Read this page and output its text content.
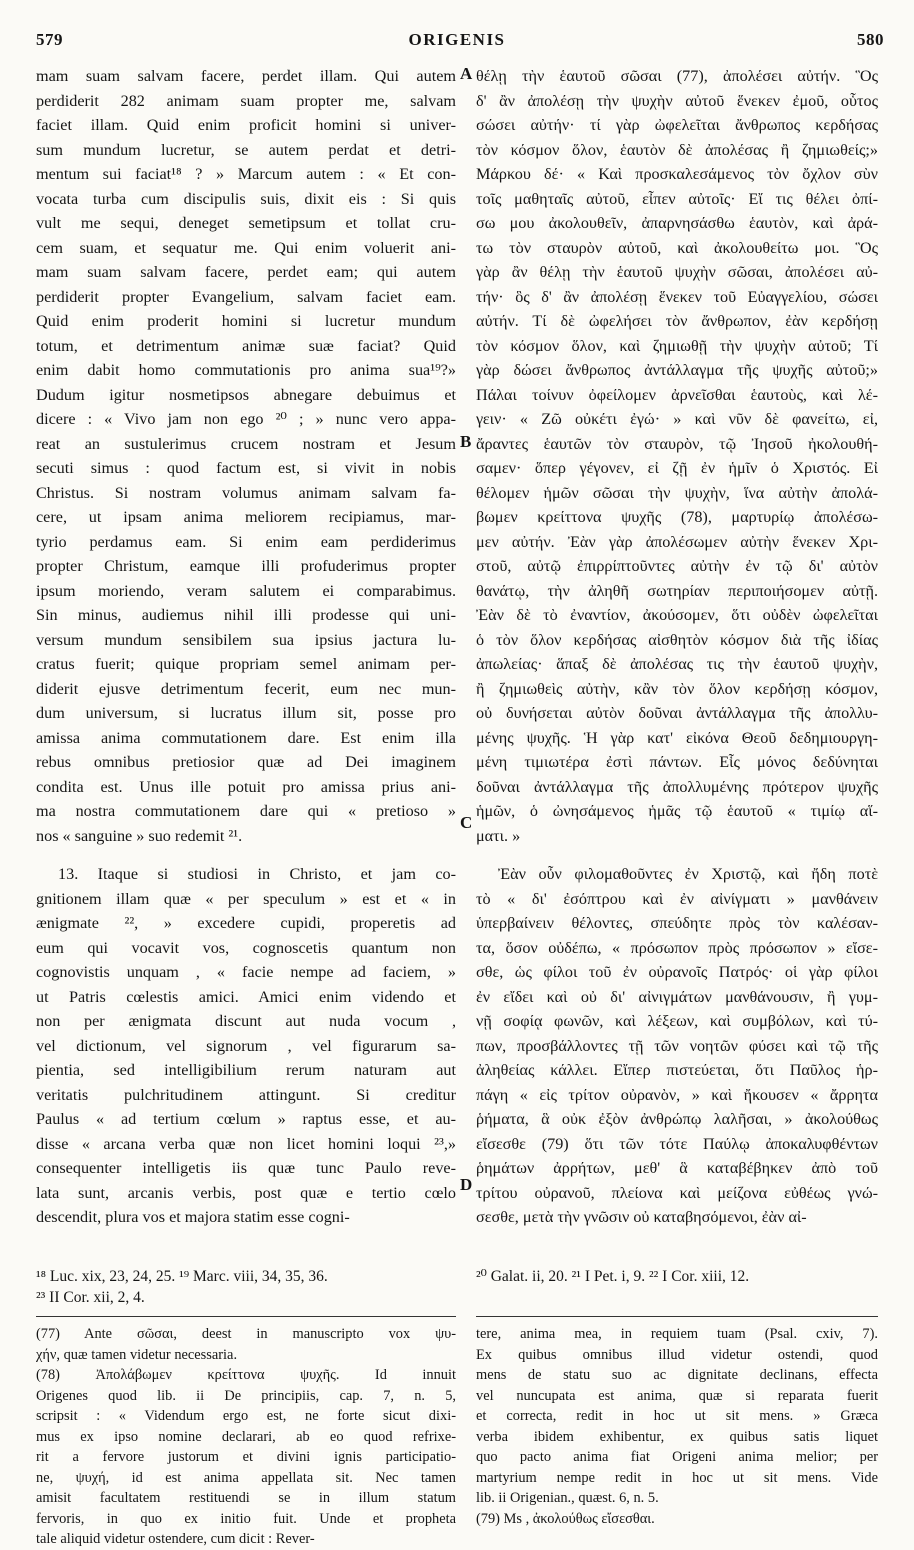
ORIGENIS
579	580
mam suam salvam facere, perdet illam. Qui autem
perdiderit 282 animam suam propter me, salvam
faciet illam. Quid enim proficit homini si univer-
sum mundum lucretur, se autem perdat et detri-
mentum sui faciat¹⁸ ? » Marcum autem : « Et con-
vocata turba cum discipulis suis, dixit eis : Si quis
vult me sequi, deneget semetipsum et tollat cru-
cem suam, et sequatur me. Qui enim voluerit ani-
mam suam salvam facere, perdet eam; qui autem
perdiderit propter Evangelium, salvam faciet eam.
Quid enim proderit homini si lucretur mundum
totum, et detrimentum animæ suæ faciat? Quid
enim dabit homo commutationis pro anima sua¹⁹?»
Dudum igitur nosmetipsos abnegare debuimus et
dicere : « Vivo jam non ego ²⁰ ; » nunc vero appa-
reat an sustulerimus crucem nostram et Jesum
secuti simus : quod factum est, si vivit in nobis
Christus. Si nostram volumus animam salvam fa-
cere, ut ipsam anima meliorem recipiamus, mar-
tyrio perdamus eam. Si enim eam perdiderimus
propter Christum, eamque illi profuderimus propter
ipsum moriendo, veram salutem ei comparabimus.
Sin minus, audiemus nihil illi prodesse qui uni-
versum mundum sensibilem sua ipsius jactura lu-
cratus fuerit; quique propriam semel animam per-
diderit ejusve detrimentum fecerit, eum nec mun-
dum universum, si lucratus illum sit, posse pro
amissa anima commutationem dare. Est enim illa
rebus omnibus pretiosior quæ ad Dei imaginem
condita est. Unus ille potuit pro amissa prius ani-
ma nostra commutationem dare qui « pretioso »
nos « sanguine » suo redemit ²¹.
13. Itaque si studiosi in Christo, et jam co-
gnitionem illam quæ « per speculum » est et « in
ænigmate ²², » excedere cupidi, properetis ad
eum qui vocavit vos, cognoscetis quantum non
cognovistis unquam , « facie nempe ad faciem, »
ut Patris cœlestis amici. Amici enim videndo et
non per ænigmata discunt aut nuda vocum ,
vel dictionum, vel signorum , vel figurarum sa-
pientia, sed intelligibilium rerum naturam aut
veritatis pulchritudinem attingunt. Si creditur
Paulus « ad tertium cœlum » raptus esse, et au-
disse « arcana verba quæ non licet homini loqui ²³,»
consequenter intelligetis iis quæ tunc Paulo reve-
lata sunt, arcanis verbis, post quæ e tertio cœlo
descendit, plura vos et majora statim esse cogni-
θέλῃ τὴν ἑαυτοῦ σῶσαι (77), ἀπολέσει αὐτήν. Ὃς
δ' ἂν ἀπολέσῃ τὴν ψυχὴν αὐτοῦ ἕνεκεν ἐμοῦ, οὗτος
σώσει αὐτήν· τί γὰρ ὠφελεῖται ἄνθρωπος κερδήσας
τὸν κόσμον ὅλον, ἑαυτὸν δὲ ἀπολέσας ἢ ζημιωθείς;»
Μάρκου δέ· « Καὶ προσκαλεσάμενος τὸν ὄχλον σὺν
τοῖς μαθηταῖς αὐτοῦ, εἶπεν αὐτοῖς· Εἴ τις θέλει ὀπί-
σω μου ἀκολουθεῖν, ἀπαρνησάσθω ἑαυτὸν, καὶ ἀρά-
τω τὸν σταυρὸν αὐτοῦ, καὶ ἀκολουθείτω μοι. Ὃς
γὰρ ἂν θέλῃ τὴν ἑαυτοῦ ψυχὴν σῶσαι, ἀπολέσει αὐ-
τήν· ὃς δ' ἂν ἀπολέσῃ ἕνεκεν τοῦ Εὐαγγελίου, σώσει
αὐτήν. Τί δὲ ὠφελήσει τὸν ἄνθρωπον, ἐὰν κερδήσῃ
τὸν κόσμον ὅλον, καὶ ζημιωθῇ τὴν ψυχὴν αὐτοῦ; Τί
γὰρ δώσει ἄνθρωπος ἀντάλλαγμα τῆς ψυχῆς αὐτοῦ;»
Πάλαι τοίνυν ὀφείλομεν ἀρνεῖσθαι ἑαυτοὺς, καὶ λέ-
γειν· « Ζῶ οὐκέτι ἐγώ· » καὶ νῦν δὲ φανείτω, εἰ,
ἄραντες ἑαυτῶν τὸν σταυρὸν, τῷ Ἰησοῦ ἠκολουθή-
σαμεν· ὅπερ γέγονεν, εἰ ζῇ ἐν ἡμῖν ὁ Χριστός. Εἰ
θέλομεν ἡμῶν σῶσαι τὴν ψυχὴν, ἵνα αὐτὴν ἀπολά-
βωμεν κρείττονα ψυχῆς (78), μαρτυρίῳ ἀπολέσω-
μεν αὐτήν. Ἐὰν γὰρ ἀπολέσωμεν αὐτὴν ἕνεκεν Χρι-
στοῦ, αὐτῷ ἐπιρρίπτοῦντες αὐτὴν ἐν τῷ δι' αὐτὸν
θανάτῳ, τὴν ἀληθῆ σωτηρίαν περιποιήσομεν αὐτῇ.
Ἐὰν δὲ τὸ ἐναντίον, ἀκούσομεν, ὅτι οὐδὲν ὠφελεῖται
ὁ τὸν ὅλον κερδήσας αἰσθητὸν κόσμον διὰ τῆς ἰδίας
ἀπωλείας· ἅπαξ δὲ ἀπολέσας τις τὴν ἑαυτοῦ ψυχὴν,
ἢ ζημιωθεὶς αὐτὴν, κἂν τὸν ὅλον κερδήσῃ κόσμον,
οὐ δυνήσεται αὐτὸν δοῦναι ἀντάλλαγμα τῆς ἀπολλυ-
μένης ψυχῆς. Ἡ γὰρ κατ' εἰκόνα Θεοῦ δεδημιουργη-
μένη τιμιωτέρα ἐστὶ πάντων. Εἷς μόνος δεδύνηται
δοῦναι ἀντάλλαγμα τῆς ἀπολλυμένης πρότερον ψυχῆς
ἡμῶν, ὁ ὠνησάμενος ἡμᾶς τῷ ἑαυτοῦ « τιμίῳ αἵ-
ματι. »
Ἐὰν οὖν φιλομαθοῦντες ἐν Χριστῷ, καὶ ἤδη ποτὲ
τὸ « δι' ἐσόπτρου καὶ ἐν αἰνίγματι » μανθάνειν
ὑπερβαίνειν θέλοντες, σπεύδητε πρὸς τὸν καλέσαν-
τα, ὅσον οὐδέπω, « πρόσωπον πρὸς πρόσωπον » εἴσε-
σθε, ὡς φίλοι τοῦ ἐν οὐρανοῖς Πατρός· οἱ γὰρ φίλοι
ἐν εἴδει καὶ οὐ δι' αἰνιγμάτων μανθάνουσιν, ἢ γυμ-
νῇ σοφίᾳ φωνῶν, καὶ λέξεων, καὶ συμβόλων, καὶ τύ-
πων, προσβάλλοντες τῇ τῶν νοητῶν φύσει καὶ τῷ τῆς
ἀληθείας κάλλει. Εἴπερ πιστεύεται, ὅτι Παῦλος ἡρ-
πάγη « εἰς τρίτον οὐρανὸν, » καὶ ἤκουσεν « ἄρρητα
ῥήματα, ἃ οὐκ ἐξὸν ἀνθρώπῳ λαλῆσαι, » ἀκολούθως
εἴσεσθε (79) ὅτι τῶν τότε Παύλῳ ἀποκαλυφθέντων
ῥημάτων ἀρρήτων, μεθ' ἃ καταβέβηκεν ἀπὸ τοῦ
τρίτου οὐρανοῦ, πλείονα καὶ μείζονα εὐθέως γνώ-
σεσθε, μετὰ τὴν γνῶσιν οὐ καταβησόμενοι, ἐὰν αἰ-
A
B
C
D
¹⁸ Luc. xix, 23, 24, 25. ¹⁹ Marc. viii, 34, 35, 36.
²³ II Cor. xii, 2, 4.
²⁰ Galat. ii, 20. ²¹ I Pet. i, 9. ²² I Cor. xiii, 12.
(77) Ante σῶσαι, deest in manuscripto vox ψυ-
χήν, quæ tamen videtur necessaria.
(78) Ἀπολάβωμεν κρείττονα ψυχῆς. Id innuit
Origenes quod lib. ii De principiis, cap. 7, n. 5,
scripsit : « Videndum ergo est, ne forte sicut dixi-
mus ex ipso nomine declarari, ab eo quod refrixe-
rit a fervore justorum et divini ignis participatio-
ne, ψυχή, id est anima appellata sit. Nec tamen
amisit facultatem restituendi se in illum statum
fervoris, in quo ex initio fuit. Unde et propheta
tale aliquid videtur ostendere, cum dicit : Rever-
tere, anima mea, in requiem tuam (Psal. cxiv, 7).
Ex quibus omnibus illud videtur ostendi, quod
mens de statu suo ac dignitate declinans, effecta
vel nuncupata est anima, quæ si reparata fuerit
et correcta, redit in hoc ut sit mens. » Græca
verba ibidem exhibentur, ex quibus satis liquet
quo pacto anima fiat Origeni anima melior; per
martyrium nempe redit in hoc ut sit mens. Vide
lib. ii Origenian., quæst. 6, n. 5.
(79) Ms , ἀκολούθως εἴσεσθαι.
